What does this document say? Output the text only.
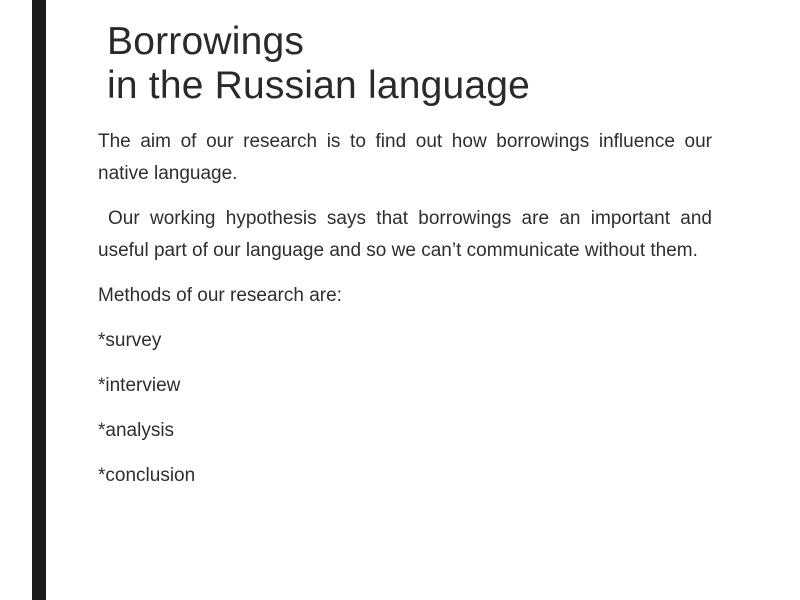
Borrowings
in the Russian language

The aim of our research is to find out how borrowings influence our native language.

Our working hypothesis says that borrowings are an important and useful part of our language and so we can’t communicate without them.

Methods of our research are:

*survey

*interview

*analysis

*conclusion
